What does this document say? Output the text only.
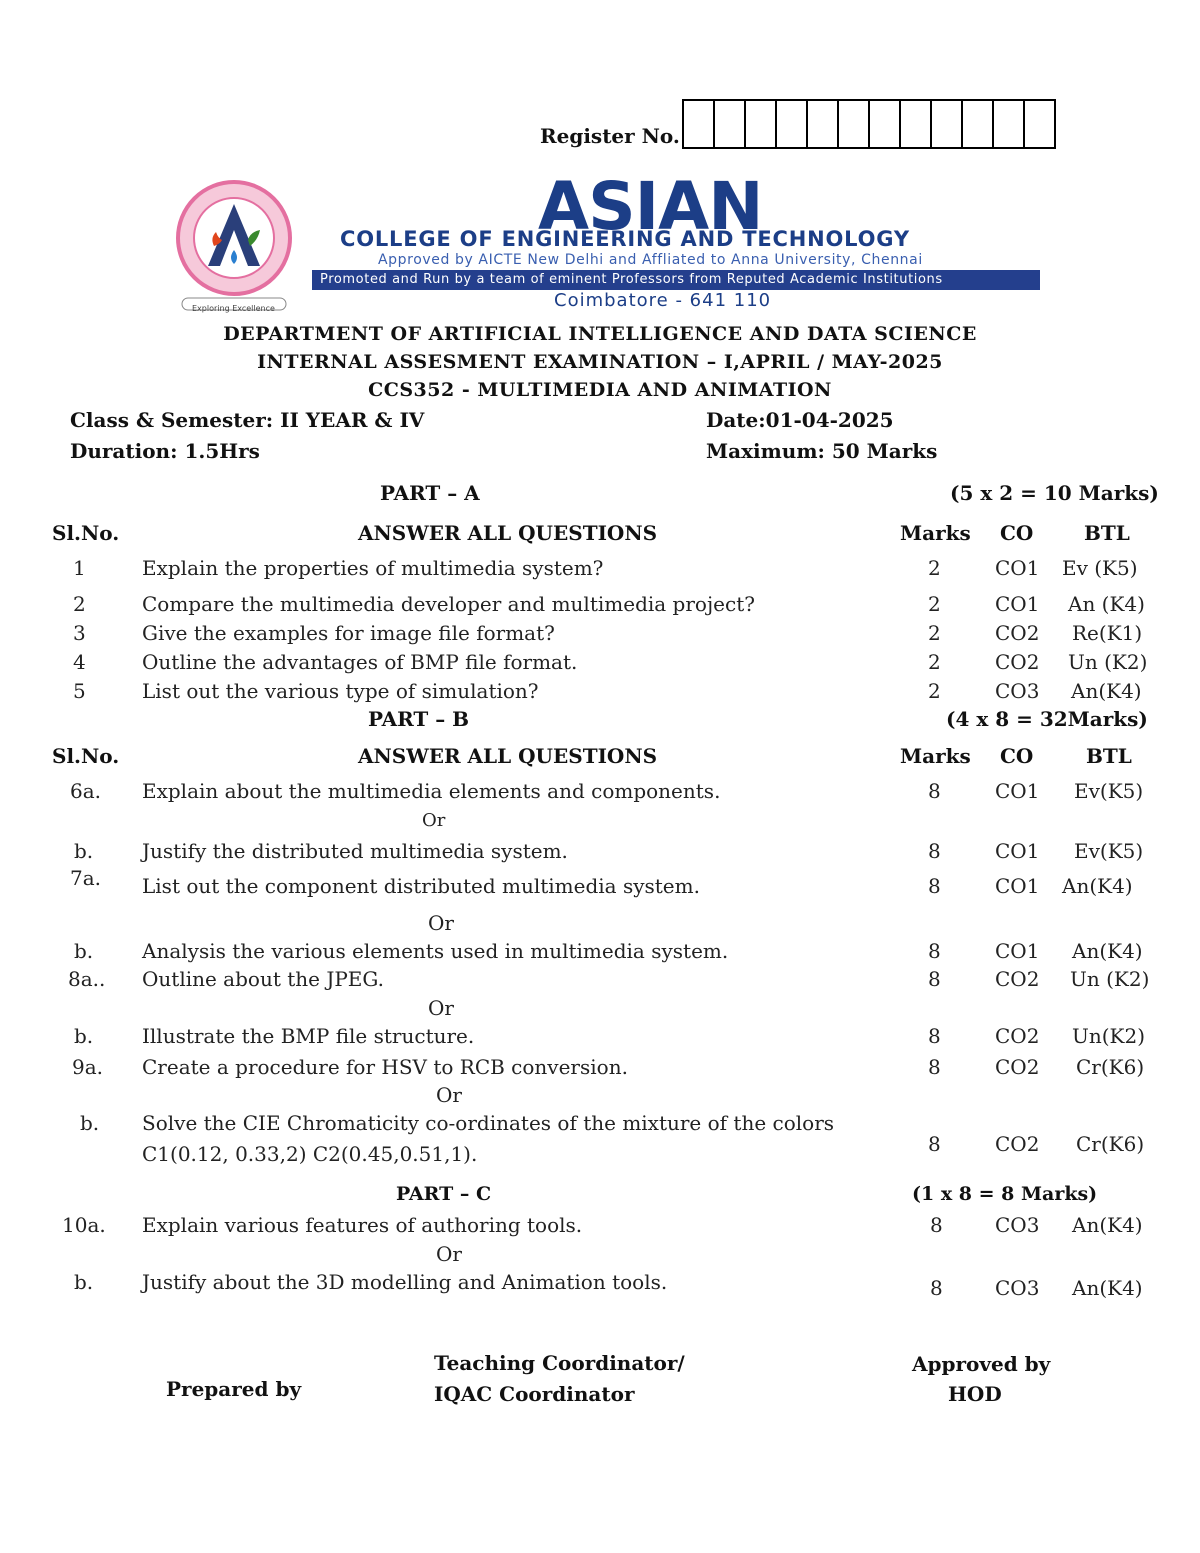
Register No.
Exploring Excellence
ASIAN
COLLEGE OF ENGINEERING AND TECHNOLOGY
Approved by AICTE New Delhi and Affliated to Anna University, Chennai
Promoted and Run by a team of eminent Professors from Reputed Academic Institutions
Coimbatore - 641 110
DEPARTMENT OF ARTIFICIAL INTELLIGENCE AND DATA SCIENCE
INTERNAL ASSESMENT EXAMINATION – I,APRIL / MAY-2025
CCS352 - MULTIMEDIA AND ANIMATION
Class & Semester: II YEAR & IV	Date:01-04-2025
Duration: 1.5Hrs	Maximum: 50 Marks
PART – A	(5 x 2 = 10 Marks)
Sl.No.	ANSWER ALL QUESTIONS	Marks CO	BTL
1	Explain the properties of multimedia system?	2	CO1 Ev (K5)
2	Compare the multimedia developer and multimedia project?	2	CO1 An (K4)
3	Give the examples for image file format?	2	CO2 Re(K1)
4	Outline the advantages of BMP file format.	2	CO2 Un (K2)
5	List out the various type of simulation?	2	CO3 An(K4)
PART – B	(4 x 8 = 32Marks)
Sl.No.	ANSWER ALL QUESTIONS	Marks CO	BTL
6a. Explain about the multimedia elements and components.	8	CO1 Ev(K5)
Or
b. Justify the distributed multimedia system.	8	CO1 Ev(K5)
7a. List out the component distributed multimedia system.	8	CO1 An(K4)
Or
b. Analysis the various elements used in multimedia system.	8	CO1 An(K4)
8a.. Outline about the JPEG.	8	CO2 Un (K2)
Or
b. Illustrate the BMP file structure.	8	CO2 Un(K2)
9a. Create a procedure for HSV to RCB conversion.	8	CO2 Cr(K6)
Or
b. Solve the CIE Chromaticity co-ordinates of the mixture of the colors
C1(0.12, 0.33,2) C2(0.45,0.51,1).	8	CO2 Cr(K6)
PART – C	(1 x 8 = 8 Marks)
10a. Explain various features of authoring tools.	8	CO3 An(K4)
Or
b. Justify about the 3D modelling and Animation tools.	8	CO3 An(K4)
Prepared by
Teaching Coordinator/
IQAC Coordinator
Approved by
HOD
